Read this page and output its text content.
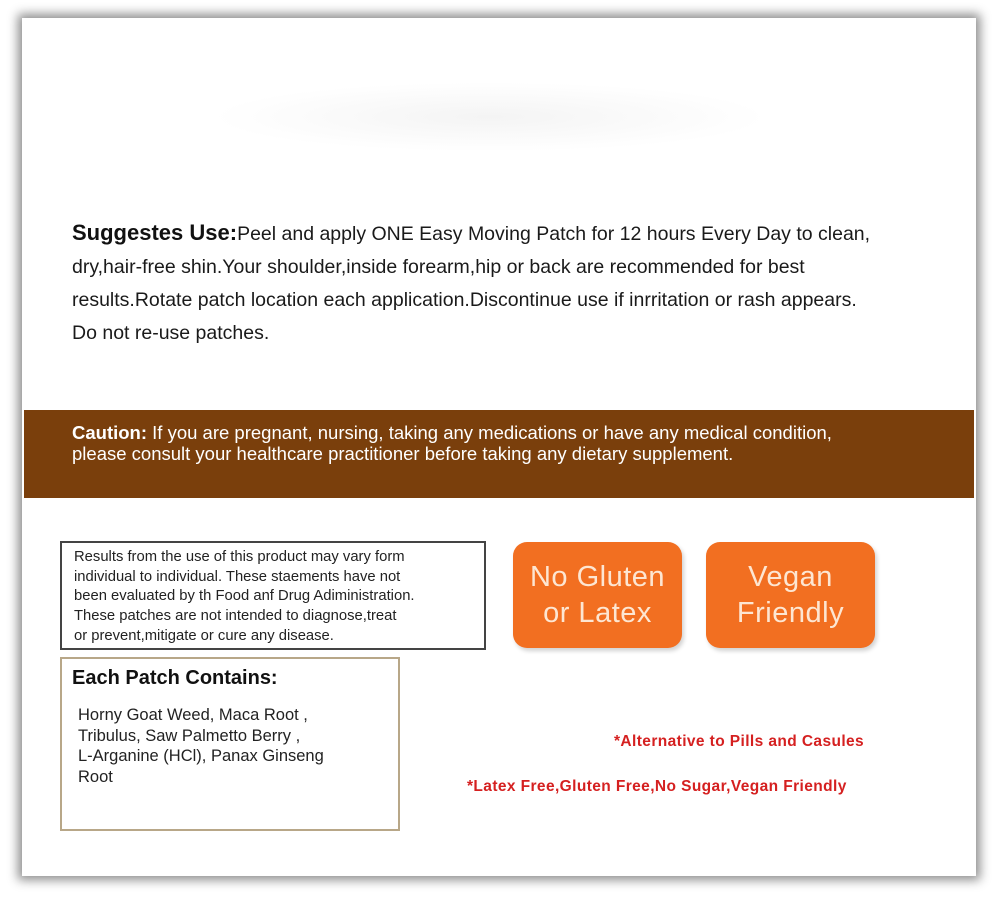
Suggestes Use:Peel and apply ONE Easy Moving Patch for 12 hours Every Day to clean,
dry,hair-free shin.Your shoulder,inside forearm,hip or back are recommended for best
results.Rotate patch location each application.Discontinue use if inrritation or rash appears.
Do not re-use patches.
Caution: If you are pregnant, nursing, taking any medications or have any medical condition,
please consult your healthcare practitioner before taking any dietary supplement.
Results from the use of this product may vary form
individual to individual. These staements have not
been evaluated by th Food anf Drug Adiministration.
These patches are not intended to diagnose,treat
or prevent,mitigate or cure any disease.
Each Patch Contains:
Horny Goat Weed, Maca Root ,
Tribulus, Saw Palmetto Berry ,
L-Arganine (HCl), Panax Ginseng
Root
No Gluten
or Latex
Vegan
Friendly
*Alternative to Pills and Casules
*Latex Free,Gluten Free,No Sugar,Vegan Friendly
